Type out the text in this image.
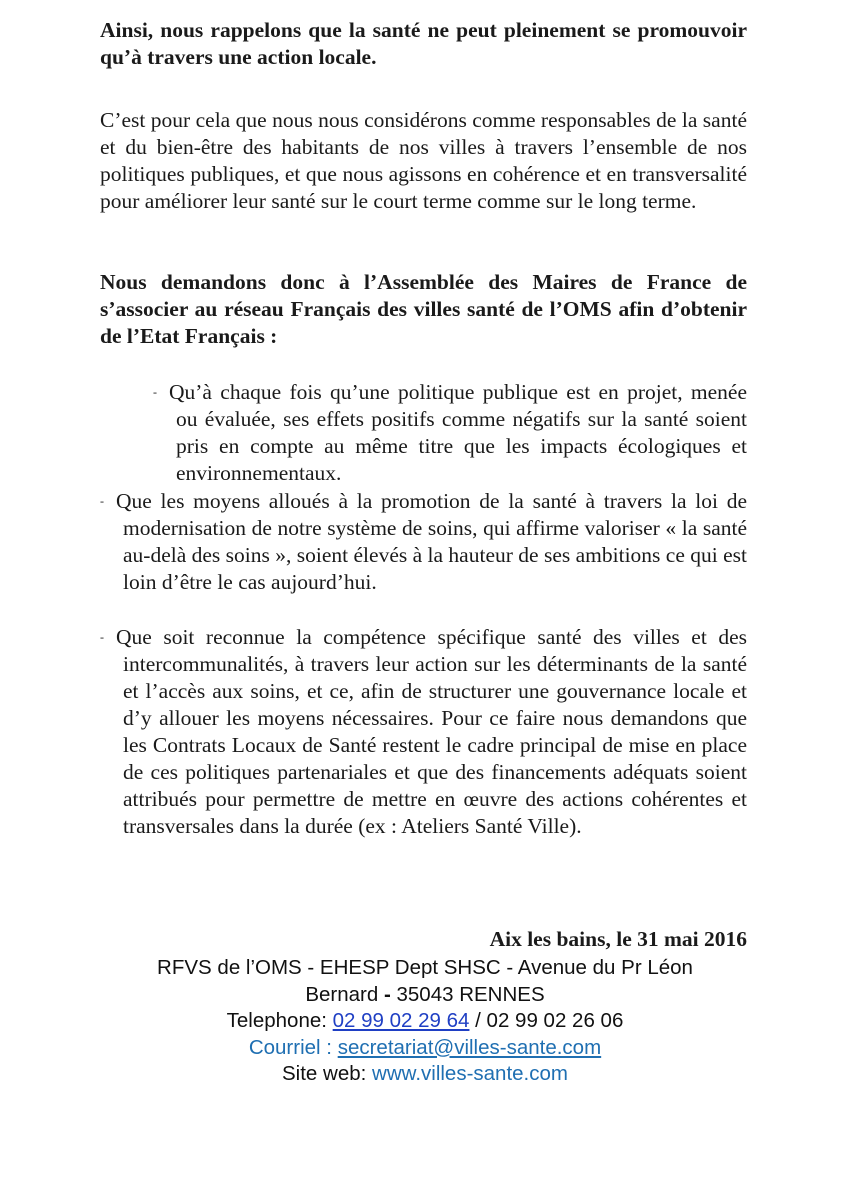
Ainsi, nous rappelons que la santé ne peut pleinement se promouvoir qu’à travers une action locale.
C’est pour cela que nous nous considérons comme responsables de la santé et du bien-être des habitants de nos villes à travers l’ensemble de nos politiques publiques, et que nous agissons en cohérence et en transversalité pour améliorer leur santé sur le court terme comme sur le long terme.
Nous demandons donc à l’Assemblée des Maires de France de s’associer au réseau Français des villes santé de l’OMS afin d’obtenir de l’Etat Français :
- Qu’à chaque fois qu’une politique publique est en projet, menée ou évaluée, ses effets positifs comme négatifs sur la santé soient pris en compte au même titre que les impacts écologiques et environnementaux.
- Que les moyens alloués à la promotion de la santé à travers la loi de modernisation de notre système de soins, qui affirme valoriser « la santé au-delà des soins », soient élevés à la hauteur de ses ambitions ce qui est loin d’être le cas aujourd’hui.
- Que soit reconnue la compétence spécifique santé des villes et des intercommunalités, à travers leur action sur les déterminants de la santé et l’accès aux soins, et ce, afin de structurer une gouvernance locale et d’y allouer les moyens nécessaires. Pour ce faire nous demandons que les Contrats Locaux de Santé restent le cadre principal de mise en place de ces politiques partenariales et que des financements adéquats soient attribués pour permettre de mettre en œuvre des actions cohérentes et transversales dans la durée (ex : Ateliers Santé Ville).
Aix les bains, le 31 mai 2016
RFVS de l’OMS - EHESP Dept SHSC - Avenue du Pr Léon
Bernard - 35043 RENNES
Telephone: 02 99 02 29 64 / 02 99 02 26 06
Courriel : secretariat@villes-sante.com
Site web: www.villes-sante.com
